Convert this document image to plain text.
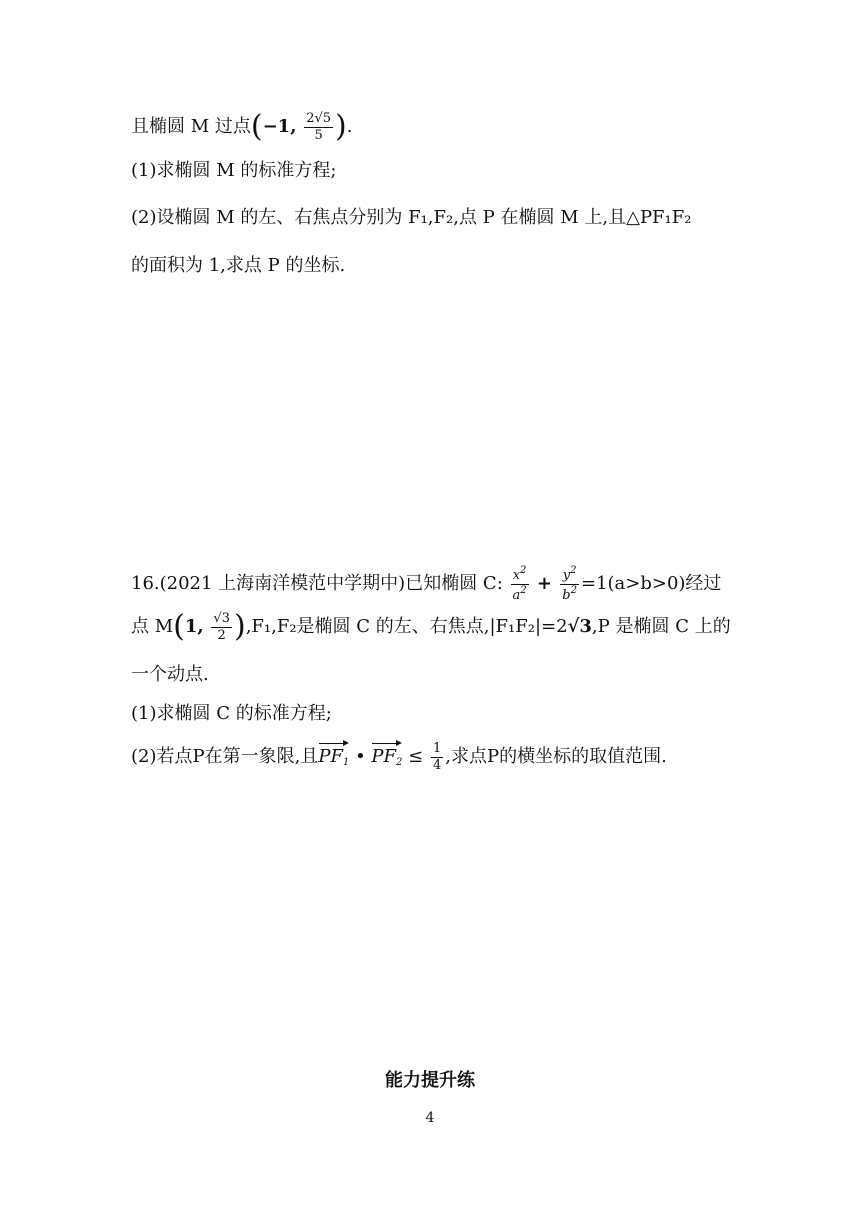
且椭圆 M 过点(−1, $\frac{2√5}{5}$ ).
(1)求椭圆 M 的标准方程;
(2)设椭圆 M 的左、右焦点分别为 F₁,F₂,点 P 在椭圆 M 上,且△PF₁F₂
的面积为 1,求点 P 的坐标.
16.(2021 上海南洋模范中学期中)已知椭圆 C: $\frac{x^2}{a^2} + \frac{y^2}{b^2} =1(a>b>0)$经过
点 M(1, $\frac{√3}{2} ),F_1,F_2$是椭圆 C 的左、右焦点,|F₁F₂|=2√3,P 是椭圆 C 上的
一个动点.
(1)求椭圆 C 的标准方程;
(2)若点P在第一象限,且$PF_1$ • $PF_2 \le \frac{1}{4}$ ,求点P的横坐标的取值范围.
能力提升练
4
